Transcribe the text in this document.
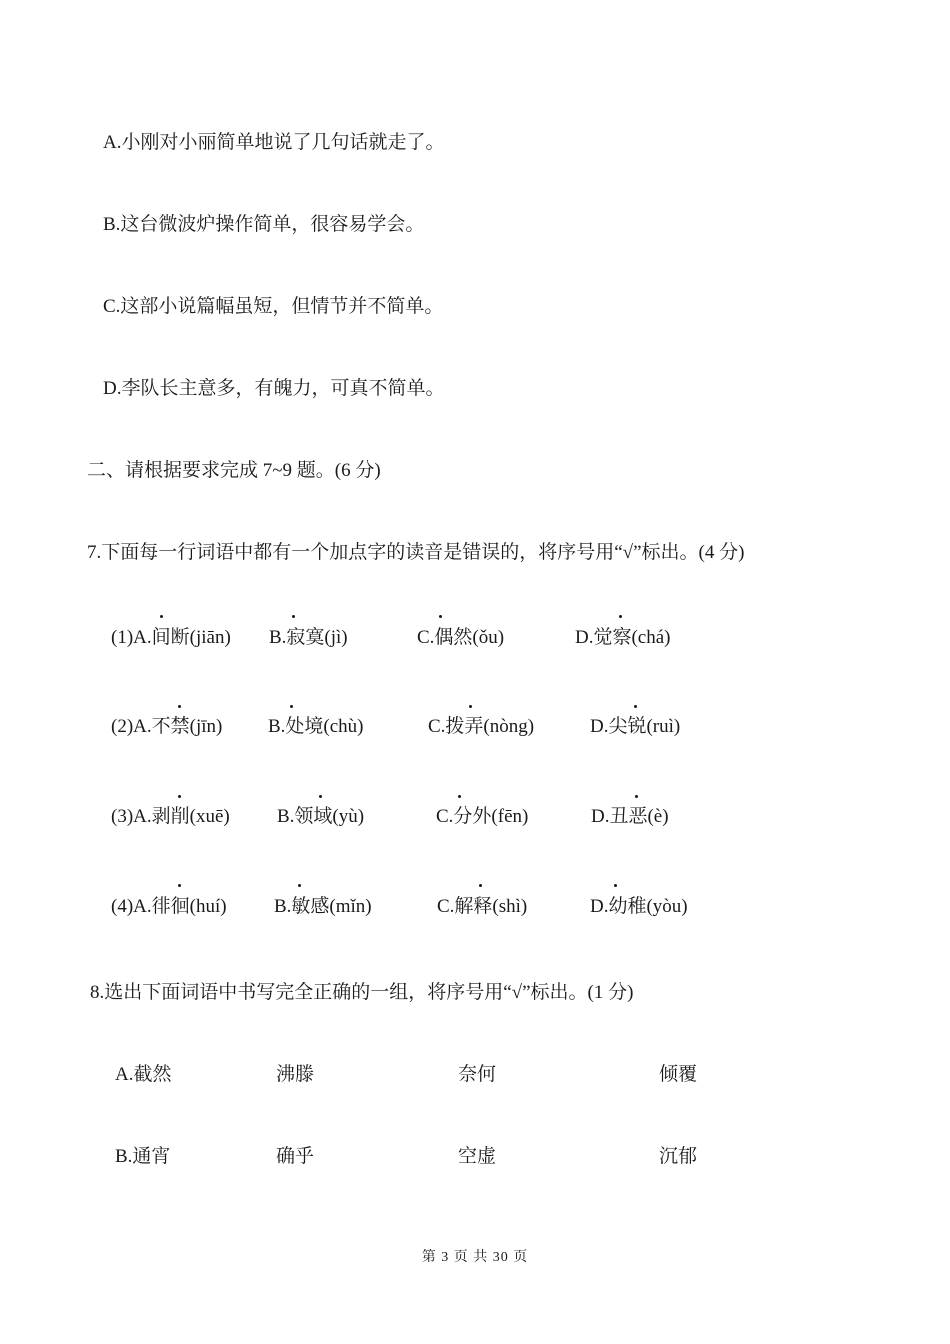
A.小刚对小丽简单地说了几句话就走了。
B.这台微波炉操作简单，很容易学会。
C.这部小说篇幅虽短，但情节并不简单。
D.李队长主意多，有魄力，可真不简单。
二、请根据要求完成 7~9 题。(6 分)
7.下面每一行词语中都有一个加点字的读音是错误的，将序号用“√”标出。(4 分)
(1)A.间断(jiān) B.寂寞(jì)	C.偶然(ǒu)	D.觉察(chá)
(2)A.不禁(jīn) B.处境(chù)	C.拨弄(nòng)	D.尖锐(ruì)
(3)A.剥削(xuē) B.领域(yù)	C.分外(fēn)	D.丑恶(è)
(4)A.徘徊(huí) B.敏感(mǐn)	C.解释(shì)	D.幼稚(yòu)
8.选出下面词语中书写完全正确的一组，将序号用“√”标出。(1 分)
A.截然	沸滕	奈何	倾覆
B.通宵	确乎	空虚	沉郁
第 3 页 共 30 页
